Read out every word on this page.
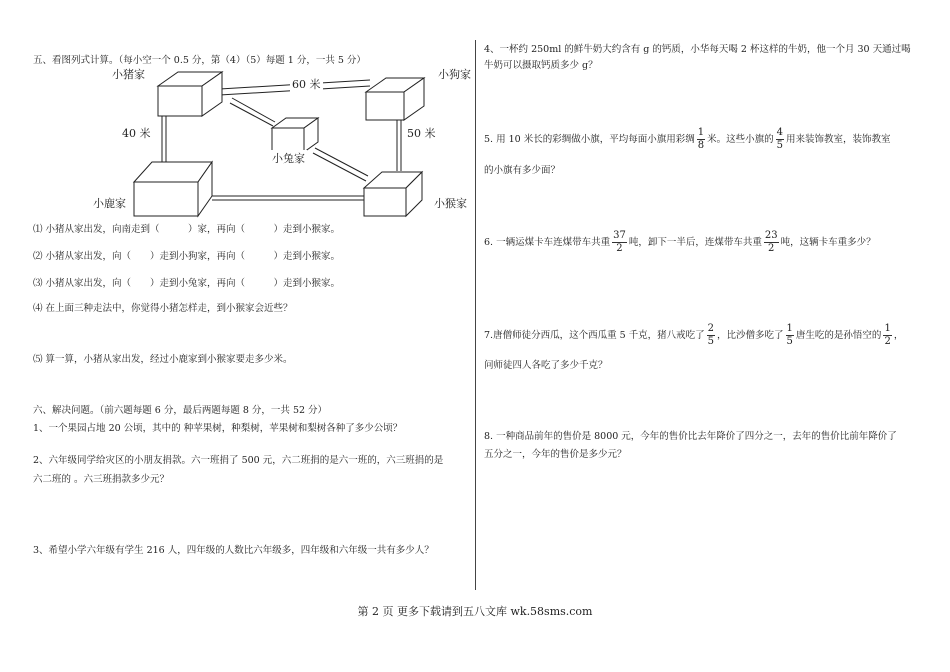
五、看图列式计算。（每小空一个 0.5 分，第（4）（5）每题 1 分，一共 5 分）
小猪家	小狗家
小兔家
小鹿家	小猴家
60 米
40 米	50 米
⑴ 小猪从家出发，向南走到（　　　）家，再向（　　　）走到小猴家。
⑵ 小猪从家出发，向（　　）走到小狗家，再向（　　　）走到小猴家。
⑶ 小猪从家出发，向（　　）走到小兔家，再向（　　　）走到小猴家。
⑷ 在上面三种走法中，你觉得小猪怎样走，到小猴家会近些？
⑸ 算一算，小猪从家出发，经过小鹿家到小猴家要走多少米。
六、解决问题。（前六题每题 6 分，最后两题每题 8 分，一共 52 分）
1、一个果园占地 20 公顷，其中的 种苹果树，种梨树，苹果树和梨树各种了多少公顷？
2、六年级同学给灾区的小朋友捐款。六一班捐了 500 元，六二班捐的是六一班的，六三班捐的是
六二班的 。六三班捐款多少元？
3、希望小学六年级有学生 216 人，四年级的人数比六年级多，四年级和六年级一共有多少人？
4、一杯约 250ml 的鲜牛奶大约含有 g 的钙质，小华每天喝 2 杯这样的牛奶，他一个月 30 天通过喝
牛奶可以摄取钙质多少 g？
5. 用 10 米长的彩绸做小旗，平均每面小旗用彩绸 $\frac{1}{8}$ 米。这些小旗的 $\frac{4}{5}$ 用来装饰教室，装饰教室
的小旗有多少面？
6. 一辆运煤卡车连煤带车共重 $\frac{37}{2}$ 吨，卸下一半后，连煤带车共重 $\frac{23}{2}$ 吨，这辆卡车重多少？
7.唐僧师徒分西瓜，这个西瓜重 5 千克，猪八戒吃了 $\frac{2}{5}$ ，比沙僧多吃了 $\frac{1}{5}$ 唐生吃的是孙悟空的 $\frac{1}{2}$ ，
问师徒四人各吃了多少千克？
8. 一种商品前年的售价是 8000 元，今年的售价比去年降价了四分之一，去年的售价比前年降价了
五分之一，今年的售价是多少元？
第 2 页 更多下载请到五八文库 wk.58sms.com
